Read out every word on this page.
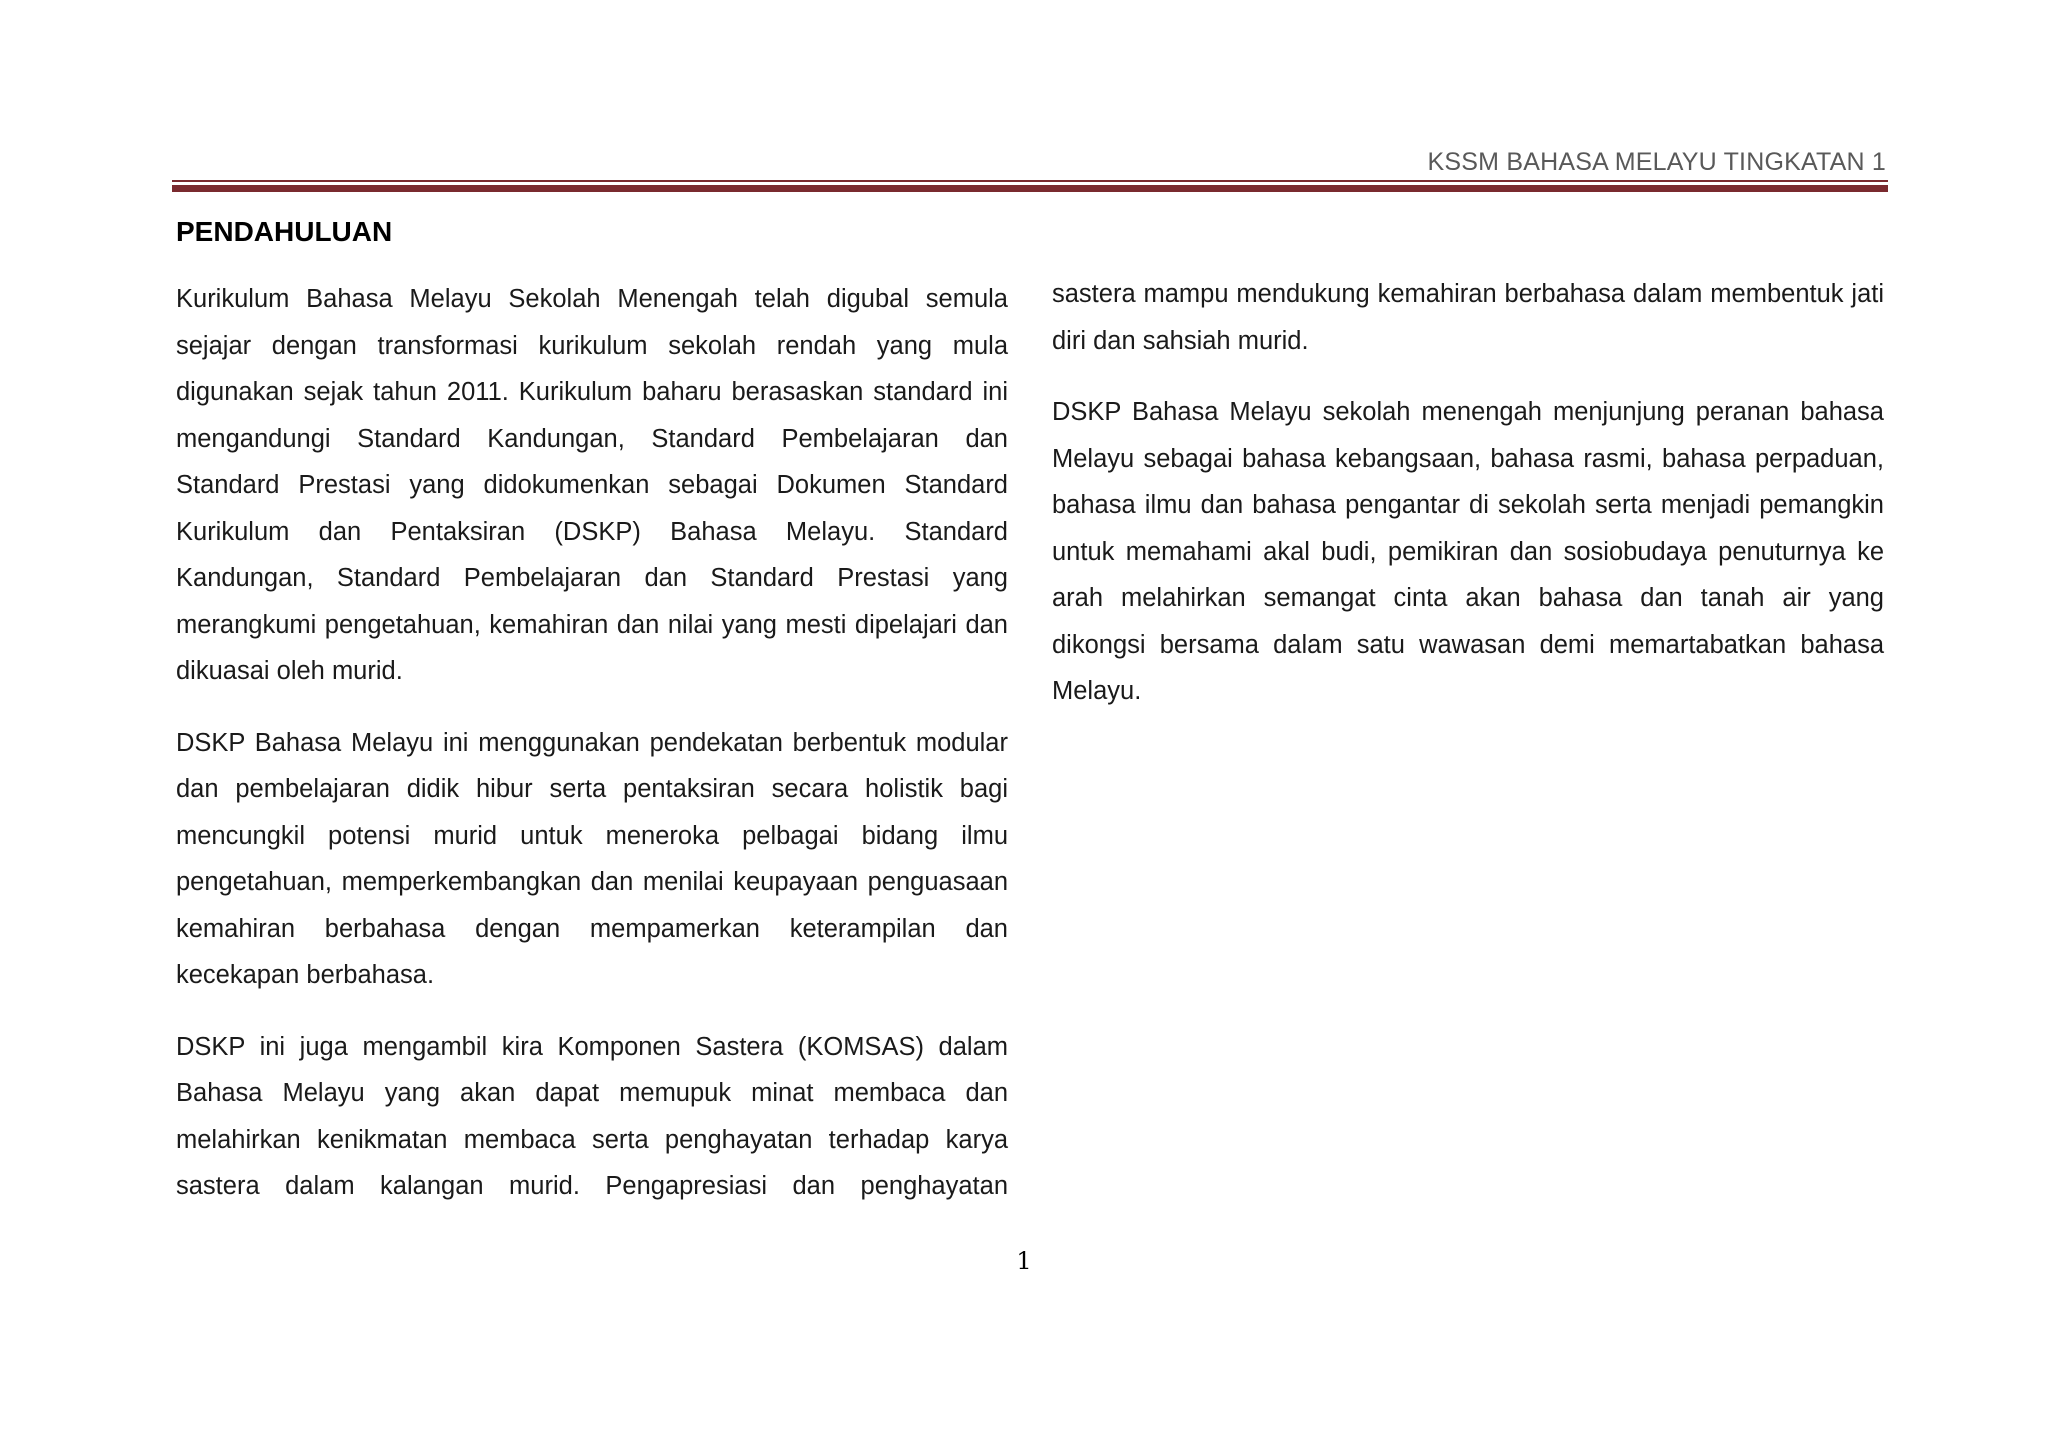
KSSM BAHASA MELAYU TINGKATAN 1
PENDAHULUAN

Kurikulum Bahasa Melayu Sekolah Menengah telah digubal semula sejajar dengan transformasi kurikulum sekolah rendah yang mula digunakan sejak tahun 2011. Kurikulum baharu berasaskan standard ini mengandungi Standard Kandungan, Standard Pembelajaran dan Standard Prestasi yang didokumenkan sebagai Dokumen Standard Kurikulum dan Pentaksiran (DSKP) Bahasa Melayu. Standard Kandungan, Standard Pembelajaran dan Standard Prestasi yang merangkumi pengetahuan, kemahiran dan nilai yang mesti dipelajari dan dikuasai oleh murid.

DSKP Bahasa Melayu ini menggunakan pendekatan berbentuk modular dan pembelajaran didik hibur serta pentaksiran secara holistik bagi mencungkil potensi murid untuk meneroka pelbagai bidang ilmu pengetahuan, memperkembangkan dan menilai keupayaan penguasaan kemahiran berbahasa dengan mempamerkan keterampilan dan kecekapan berbahasa.

DSKP ini juga mengambil kira Komponen Sastera (KOMSAS) dalam Bahasa Melayu yang akan dapat memupuk minat membaca dan melahirkan kenikmatan membaca serta penghayatan terhadap karya sastera dalam kalangan murid. Pengapresiasi dan penghayatan

sastera mampu mendukung kemahiran berbahasa dalam membentuk jati diri dan sahsiah murid.

DSKP Bahasa Melayu sekolah menengah menjunjung peranan bahasa Melayu sebagai bahasa kebangsaan, bahasa rasmi, bahasa perpaduan, bahasa ilmu dan bahasa pengantar di sekolah serta menjadi pemangkin untuk memahami akal budi, pemikiran dan sosiobudaya penuturnya ke arah melahirkan semangat cinta akan bahasa dan tanah air yang dikongsi bersama dalam satu wawasan demi memartabatkan bahasa Melayu.

1
